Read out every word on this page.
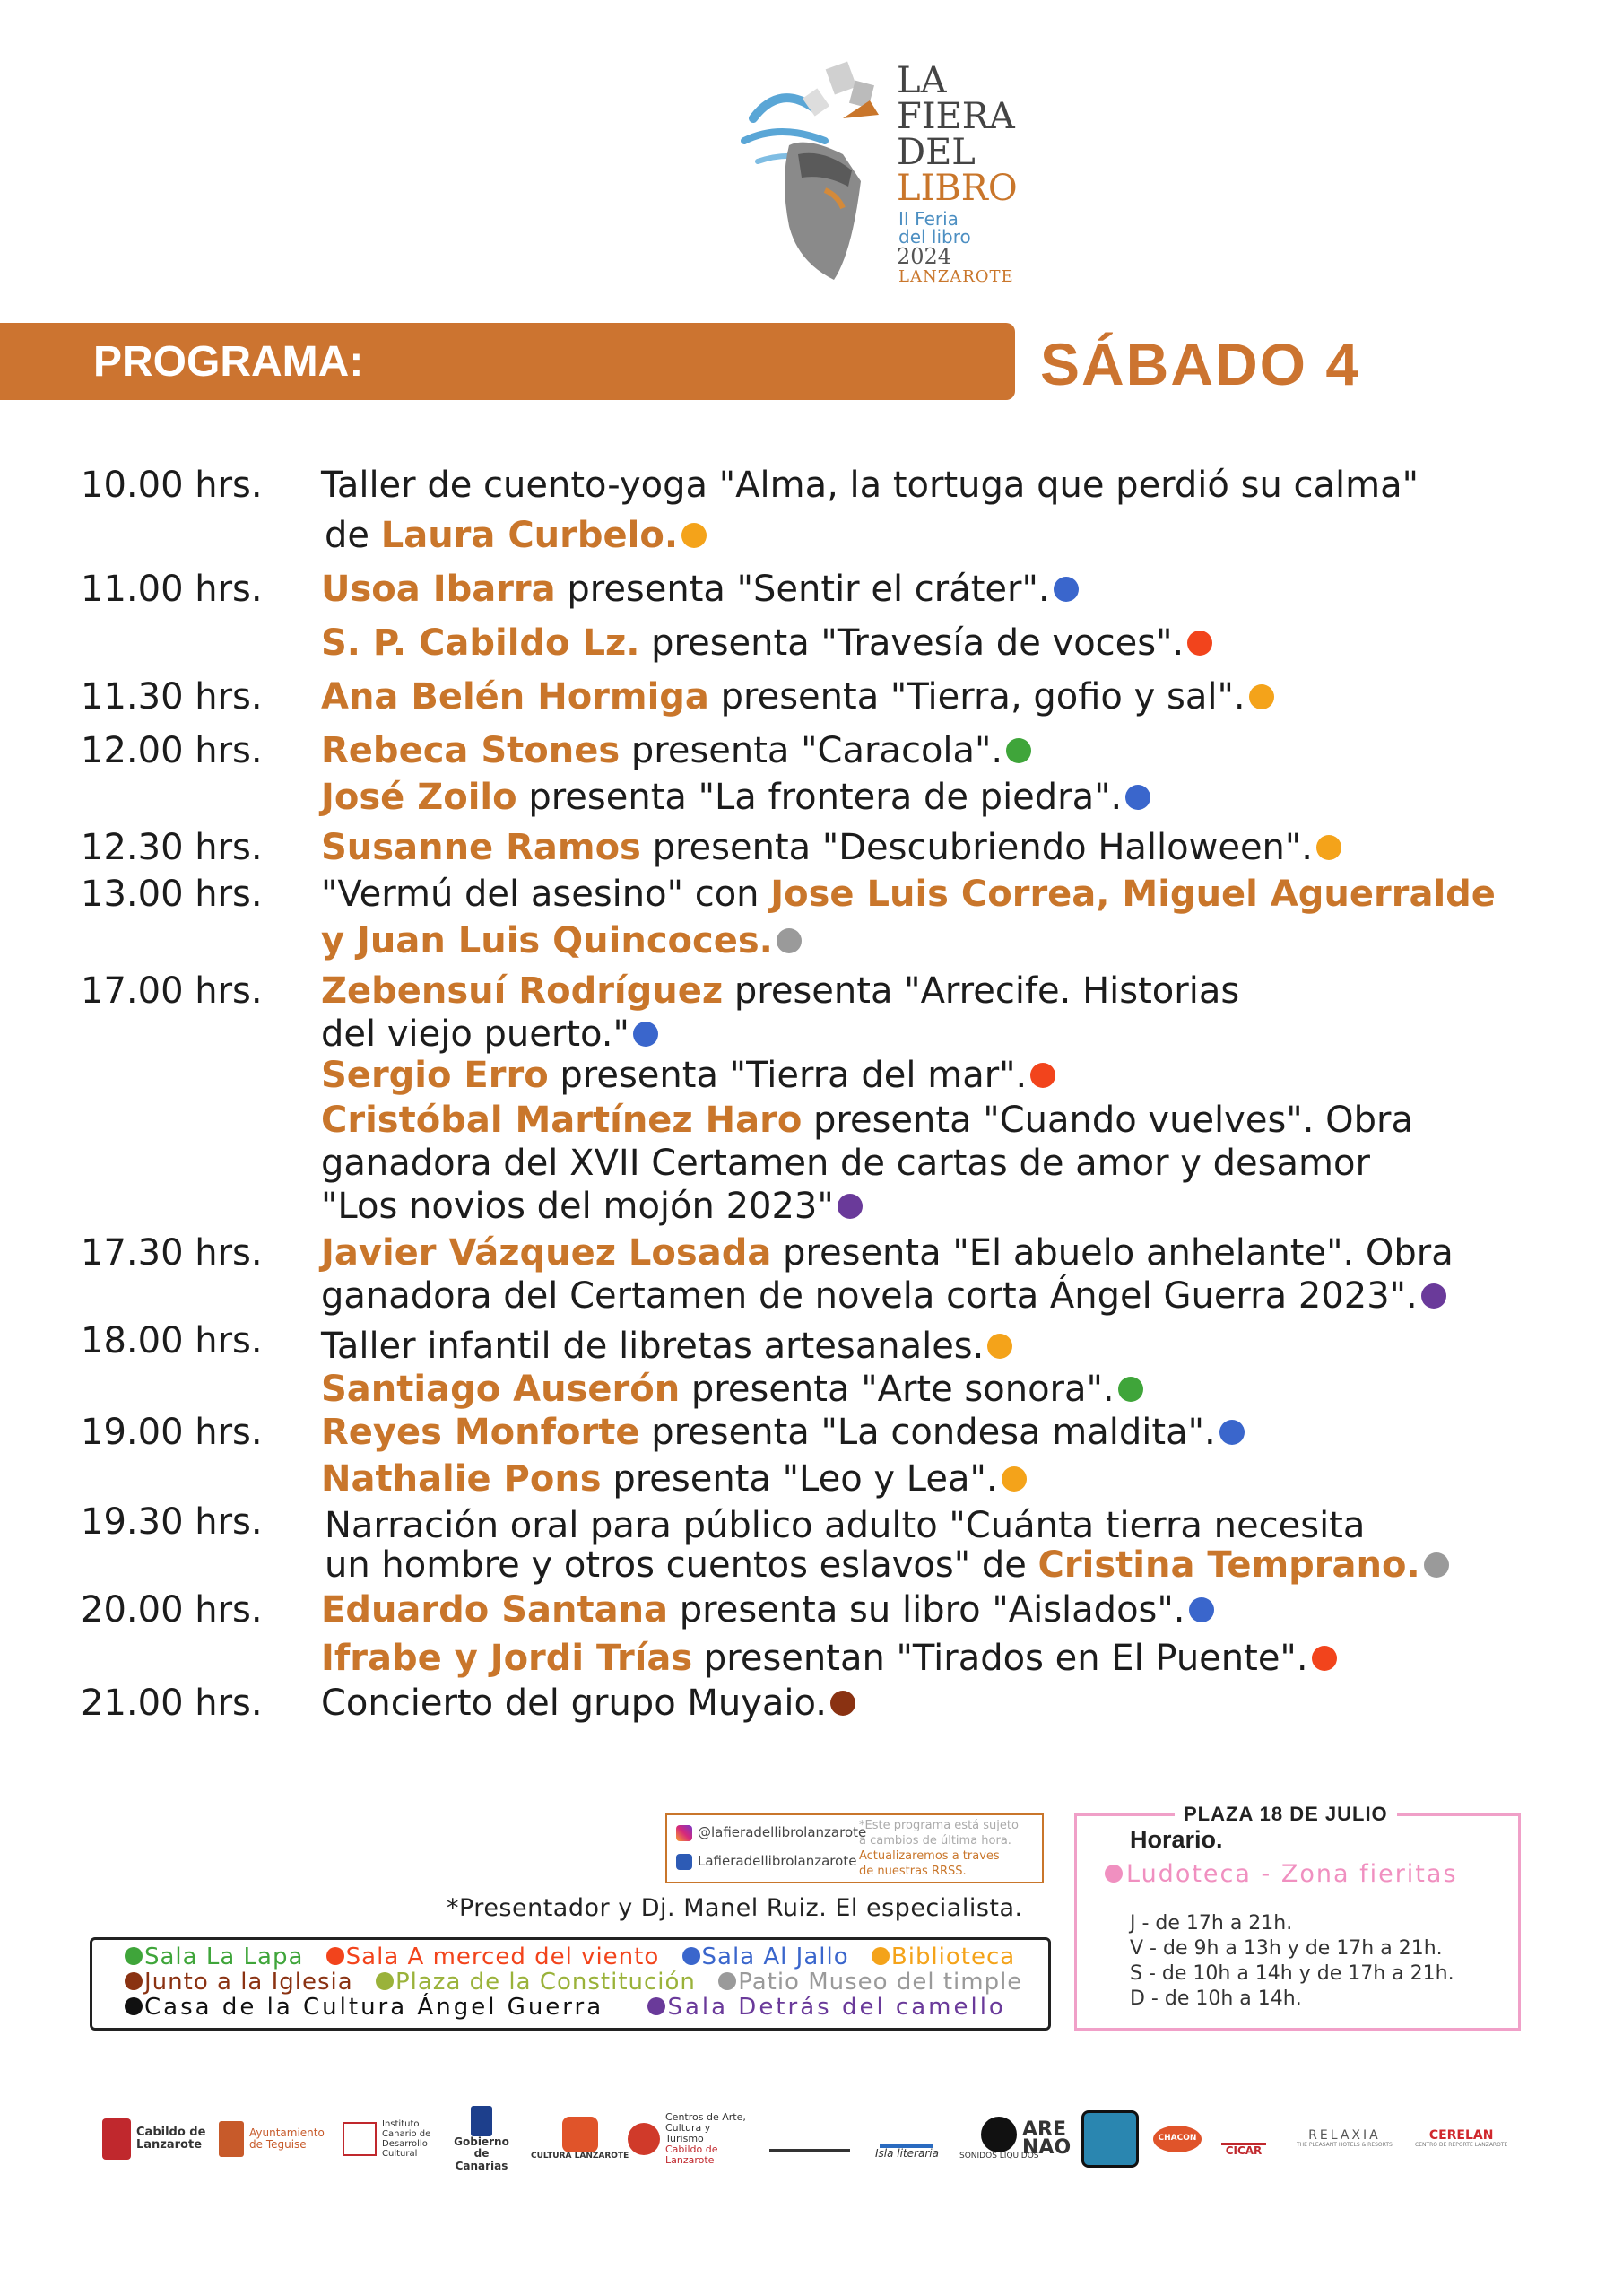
LA
FIERA
DEL
LIBRO
II Feria
del libro
2024
LANZAROTE
PROGRAMA:	SÁBADO 4
10.00 hrs. Taller de cuento-yoga "Alma, la tortuga que perdió su calma"
de Laura Curbelo.
11.00 hrs. Usoa Ibarra presenta "Sentir el cráter".
S. P. Cabildo Lz. presenta "Travesía de voces".
11.30 hrs. Ana Belén Hormiga presenta "Tierra, gofio y sal".
12.00 hrs. Rebeca Stones presenta "Caracola".
José Zoilo presenta "La frontera de piedra".
12.30 hrs. Susanne Ramos presenta "Descubriendo Halloween".
13.00 hrs. "Vermú del asesino" con Jose Luis Correa, Miguel Aguerralde
y Juan Luis Quincoces.
17.00 hrs. Zebensuí Rodríguez presenta "Arrecife. Historias
del viejo puerto."
Sergio Erro presenta "Tierra del mar".
Cristóbal Martínez Haro presenta "Cuando vuelves". Obra
ganadora del XVII Certamen de cartas de amor y desamor
"Los novios del mojón 2023"
17.30 hrs. Javier Vázquez Losada presenta "El abuelo anhelante". Obra
ganadora del Certamen de novela corta Ángel Guerra 2023".
18.00 hrs. Taller infantil de libretas artesanales.
Santiago Auserón presenta "Arte sonora".
19.00 hrs. Reyes Monforte presenta "La condesa maldita".
Nathalie Pons presenta "Leo y Lea".
19.30 hrs. Narración oral para público adulto "Cuánta tierra necesita
un hombre y otros cuentos eslavos" de Cristina Temprano.
20.00 hrs. Eduardo Santana presenta su libro "Aislados".
Ifrabe y Jordi Trías presentan "Tirados en El Puente".
21.00 hrs. Concierto del grupo Muyaio.
@lafieradellibrolanzarote
Lafieradellibrolanzarote
*Este programa está sujeto
a cambios de última hora.
Actualizaremos a traves
de nuestras RRSS.
*Presentador y Dj. Manel Ruiz. El especialista.
Sala La Lapa Sala A merced del viento Sala Al Jallo Biblioteca
Junto a la Iglesia Plaza de la Constitución Patio Museo del timple
Casa de la Cultura Ángel Guerra	Sala Detrás del camello
PLAZA 18 DE JULIO
Horario.
Ludoteca - Zona fieritas
J - de 17h a 21h.
V - de 9h a 13h y de 17h a 21h.
S - de 10h a 14h y de 17h a 21h.
D - de 10h a 14h.
Cabildo de Lanzarote
Ayuntamiento de Teguise
Instituto Canario de Desarrollo Cultural
Gobierno de Canarias
CULTURA LANZAROTE
Centros de Arte, Cultura y Turismo
Cabildo de Lanzarote
Isla literaria	SONIDOS LÍQUIDOS
ARE NAO	CHACON
CICAR
RELAXIA
THE PLEASANT HOTELS & RESORTS
CERELAN
CENTRO DE REPORTE LANZAROTE
